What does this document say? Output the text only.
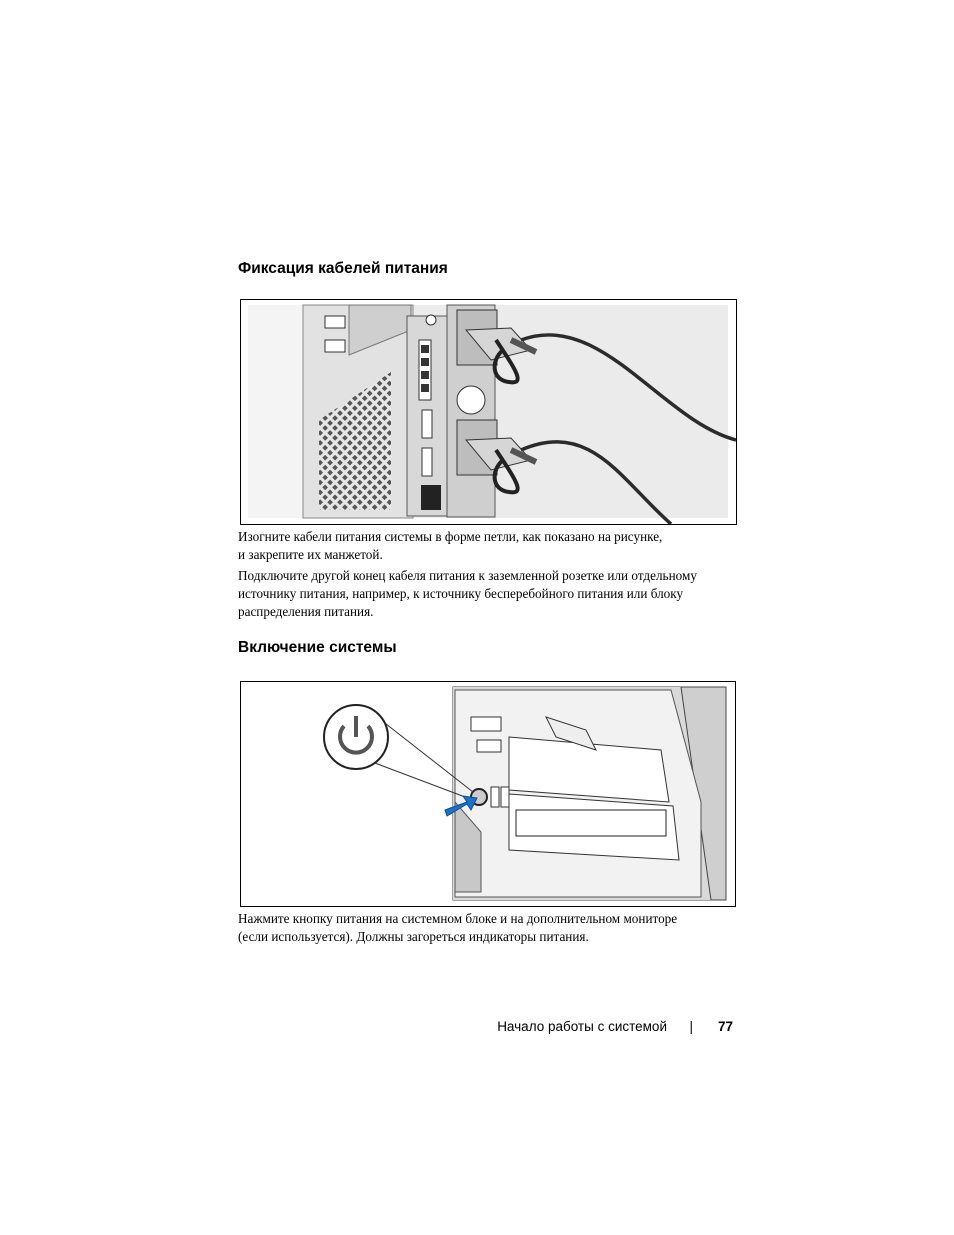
Фиксация кабелей питания

Изогните кабели питания системы в форме петли, как показано на рисунке,
и закрепите их манжетой.

Подключите другой конец кабеля питания к заземленной розетке или отдельному
источнику питания, например, к источнику бесперебойного питания или блоку
распределения питания.

Включение системы

Нажмите кнопку питания на системном блоке и на дополнительном мониторе
(если используется). Должны загореться индикаторы питания.

Начало работы с системой | 77
